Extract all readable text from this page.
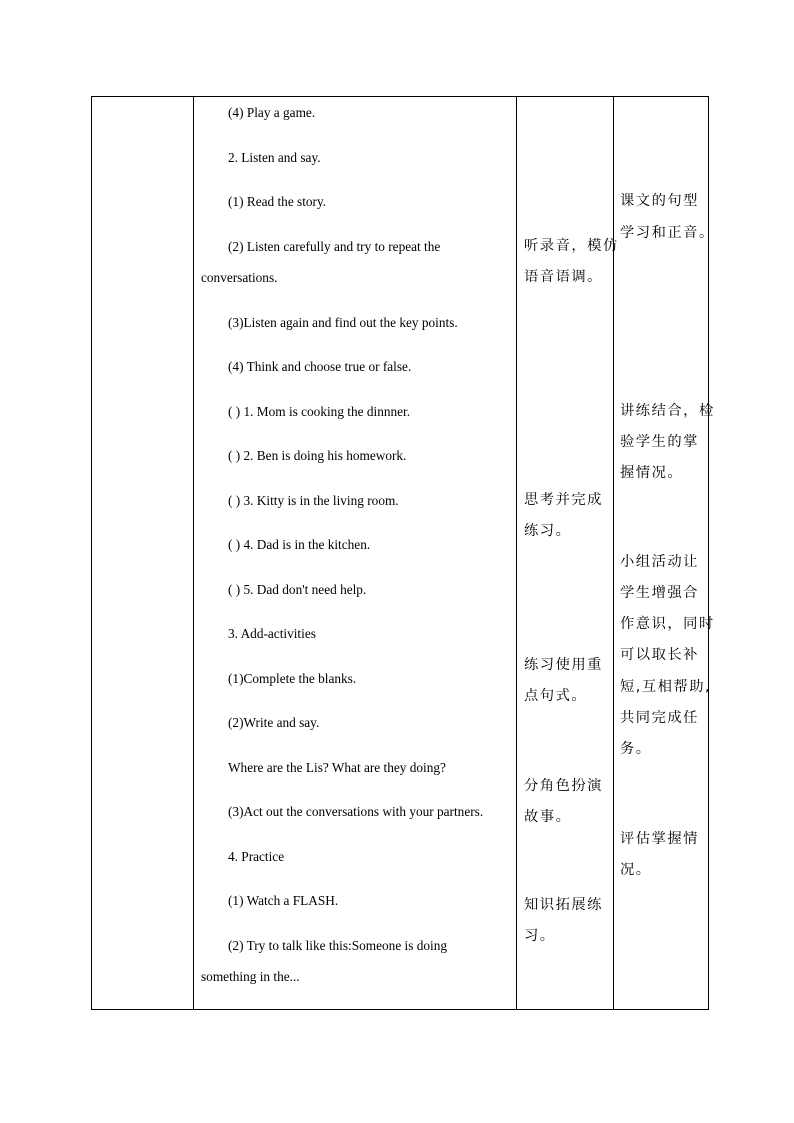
(4) Play a game.
2. Listen and say.
(1) Read the story.
(2) Listen carefully and try to repeat the
conversations.
(3)Listen again and find out the key points.
(4) Think and choose true or false.
( ) 1. Mom is cooking the dinnner.
( ) 2. Ben is doing his homework.
( ) 3. Kitty is in the living room.
( ) 4. Dad is in the kitchen.
( ) 5. Dad don't need help.
3. Add-activities
(1)Complete the blanks.
(2)Write and say.
Where are the Lis? What are they doing?
(3)Act out the conversations with your partners.
4. Practice
(1) Watch a FLASH.
(2) Try to talk like this:Someone is doing
something in the...
听录音，模仿
语音语调。
思考并完成
练习。
练习使用重
点句式。
分角色扮演
故事。
知识拓展练
习。
课文的句型
学习和正音。
讲练结合，检
验学生的掌
握情况。
小组活动让
学生增强合
作意识，同时
可以取长补
短,互相帮助,
共同完成任
务。
评估掌握情
况。
